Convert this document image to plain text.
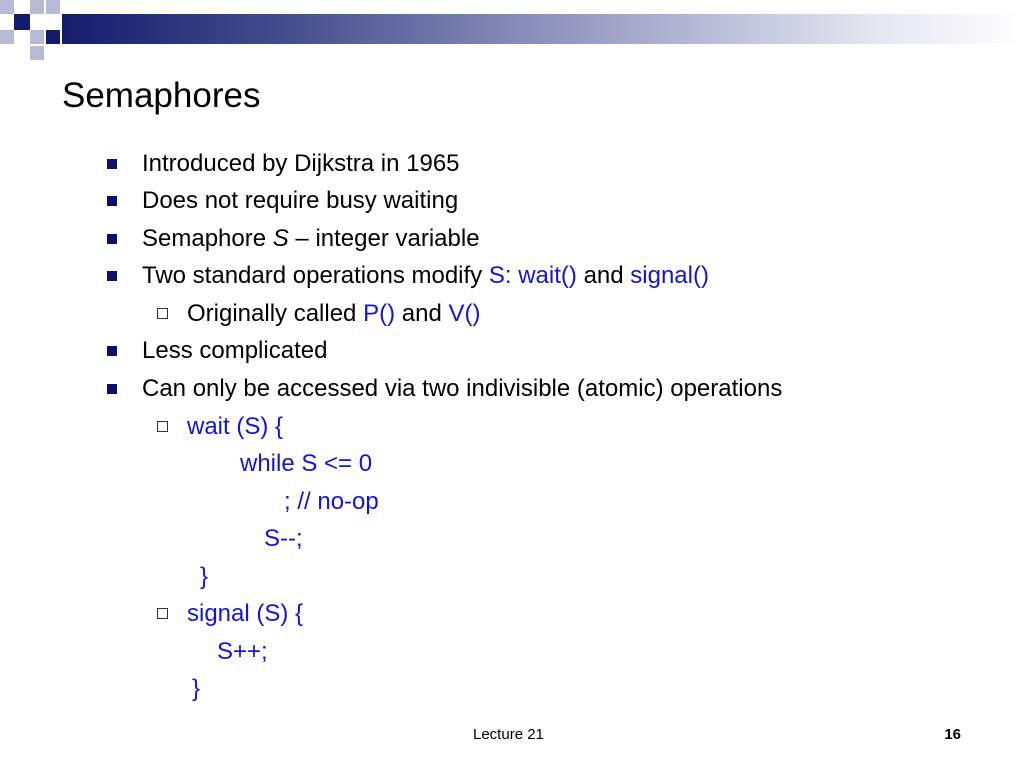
Semaphores
Introduced by Dijkstra in 1965
Does not require busy waiting
Semaphore S – integer variable
Two standard operations modify S: wait() and signal()
Originally called P() and V()
Less complicated
Can only be accessed via two indivisible (atomic) operations
wait (S) {
while S <= 0
; // no-op
S--;
}
signal (S) {
S++;
}
Lecture 21	16
